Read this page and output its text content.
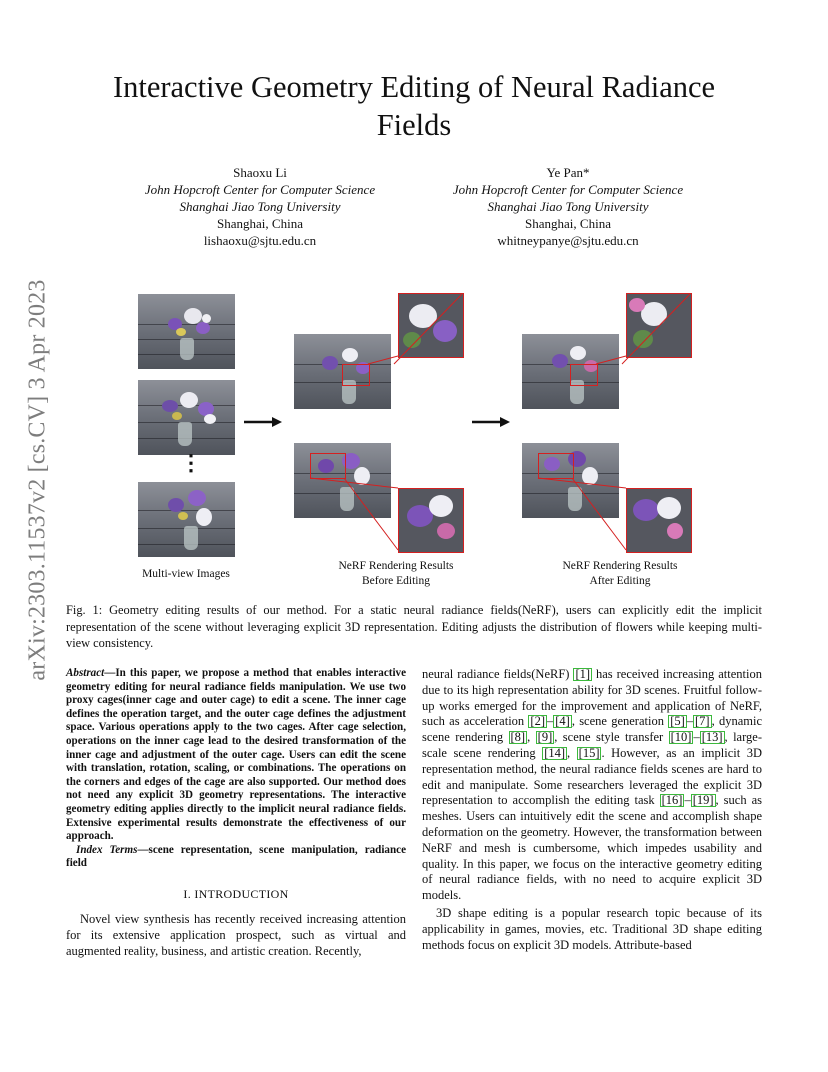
arXiv:2303.11537v2 [cs.CV] 3 Apr 2023
Interactive Geometry Editing of Neural Radiance Fields
Shaoxu Li
John Hopcroft Center for Computer Science
Shanghai Jiao Tong University
Shanghai, China
lishaoxu@sjtu.edu.cn
Ye Pan*
John Hopcroft Center for Computer Science
Shanghai Jiao Tong University
Shanghai, China
whitneypanye@sjtu.edu.cn
⋮
Multi-view Images
NeRF Rendering Results
Before Editing
NeRF Rendering Results
After Editing
Fig. 1: Geometry editing results of our method. For a static neural radiance fields(NeRF), users can explicitly edit the implicit representation of the scene without leveraging explicit 3D representation. Editing adjusts the distribution of flowers while keeping multi-view consistency.

Abstract—In this paper, we propose a method that enables interactive geometry editing for neural radiance fields manipulation. We use two proxy cages(inner cage and outer cage) to edit a scene. The inner cage defines the operation target, and the outer cage defines the adjustment space. Various operations apply to the two cages. After cage selection, operations on the inner cage lead to the desired transformation of the inner cage and adjustment of the outer cage. Users can edit the scene with translation, rotation, scaling, or combinations. The operations on the corners and edges of the cage are also supported. Our method does not need any explicit 3D geometry representations. The interactive geometry editing applies directly to the implicit neural radiance fields. Extensive experimental results demonstrate the effectiveness of our approach.

Index Terms—scene representation, scene manipulation, radiance field

I. INTRODUCTION

Novel view synthesis has recently received increasing attention for its extensive application prospect, such as virtual and augmented reality, business, and artistic creation. Recently,

neural radiance fields(NeRF) [1] has received increasing attention due to its high representation ability for 3D scenes. Fruitful follow-up works emerged for the improvement and application of NeRF, such as acceleration [2] – [4] , scene generation [5] – [7] , dynamic scene rendering [8] , [9] , scene style transfer [10] – [13] , large-scale scene rendering [14] , [15] . However, as an implicit 3D representation method, the neural radiance fields scenes are hard to edit and manipulate. Some researchers leveraged the explicit 3D representation to accomplish the editing task [16] – [19] , such as meshes. Users can intuitively edit the scene and accomplish shape deformation on the geometry. However, the transformation between NeRF and mesh is cumbersome, which impedes usability and quality. In this paper, we focus on the interactive geometry editing of neural radiance fields, with no need to acquire explicit 3D models.

3D shape editing is a popular research topic because of its applicability in games, movies, etc. Traditional 3D shape editing methods focus on explicit 3D models. Attribute-based
